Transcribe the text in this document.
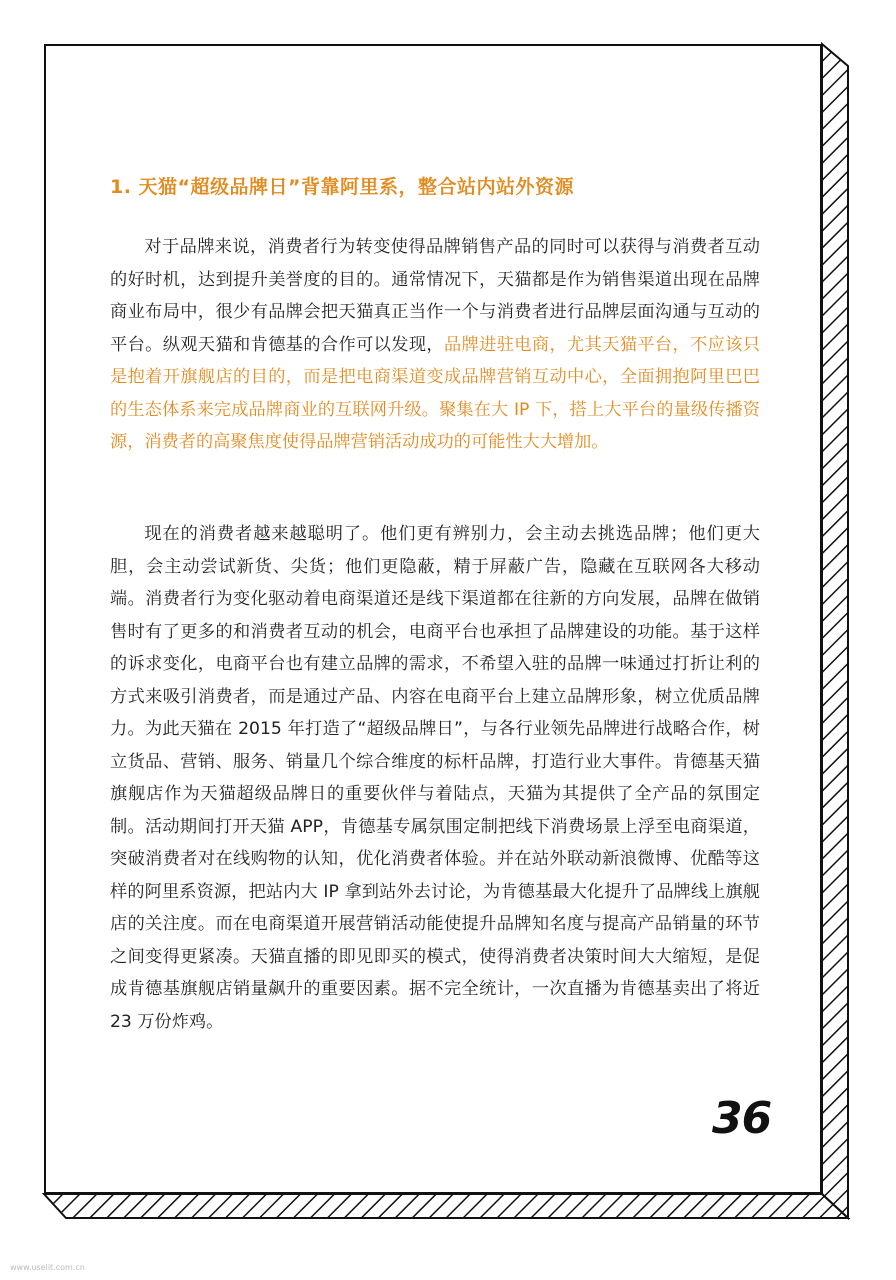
1. 天猫“超级品牌日”背靠阿里系，整合站内站外资源

对于品牌来说，消费者行为转变使得品牌销售产品的同时可以获得与消费者互动的好时机，达到提升美誉度的目的。通常情况下，天猫都是作为销售渠道出现在品牌商业布局中，很少有品牌会把天猫真正当作一个与消费者进行品牌层面沟通与互动的平台。纵观天猫和肯德基的合作可以发现，品牌进驻电商，尤其天猫平台，不应该只是抱着开旗舰店的目的，而是把电商渠道变成品牌营销互动中心，全面拥抱阿里巴巴的生态体系来完成品牌商业的互联网升级。聚集在大 IP 下，搭上大平台的量级传播资源，消费者的高聚焦度使得品牌营销活动成功的可能性大大增加。

现在的消费者越来越聪明了。他们更有辨别力，会主动去挑选品牌；他们更大胆，会主动尝试新货、尖货；他们更隐蔽，精于屏蔽广告，隐藏在互联网各大移动端。消费者行为变化驱动着电商渠道还是线下渠道都在往新的方向发展，品牌在做销售时有了更多的和消费者互动的机会，电商平台也承担了品牌建设的功能。基于这样的诉求变化，电商平台也有建立品牌的需求，不希望入驻的品牌一味通过打折让利的方式来吸引消费者，而是通过产品、内容在电商平台上建立品牌形象，树立优质品牌力。为此天猫在 2015 年打造了“超级品牌日”，与各行业领先品牌进行战略合作，树立货品、营销、服务、销量几个综合维度的标杆品牌，打造行业大事件。肯德基天猫旗舰店作为天猫超级品牌日的重要伙伴与着陆点，天猫为其提供了全产品的氛围定制。活动期间打开天猫 APP，肯德基专属氛围定制把线下消费场景上浮至电商渠道，突破消费者对在线购物的认知，优化消费者体验。并在站外联动新浪微博、优酷等这样的阿里系资源，把站内大 IP 拿到站外去讨论，为肯德基最大化提升了品牌线上旗舰店的关注度。而在电商渠道开展营销活动能使提升品牌知名度与提高产品销量的环节之间变得更紧凑。天猫直播的即见即买的模式，使得消费者决策时间大大缩短，是促成肯德基旗舰店销量飙升的重要因素。据不完全统计，一次直播为肯德基卖出了将近 23 万份炸鸡。

36
www.uselit.com.cn
